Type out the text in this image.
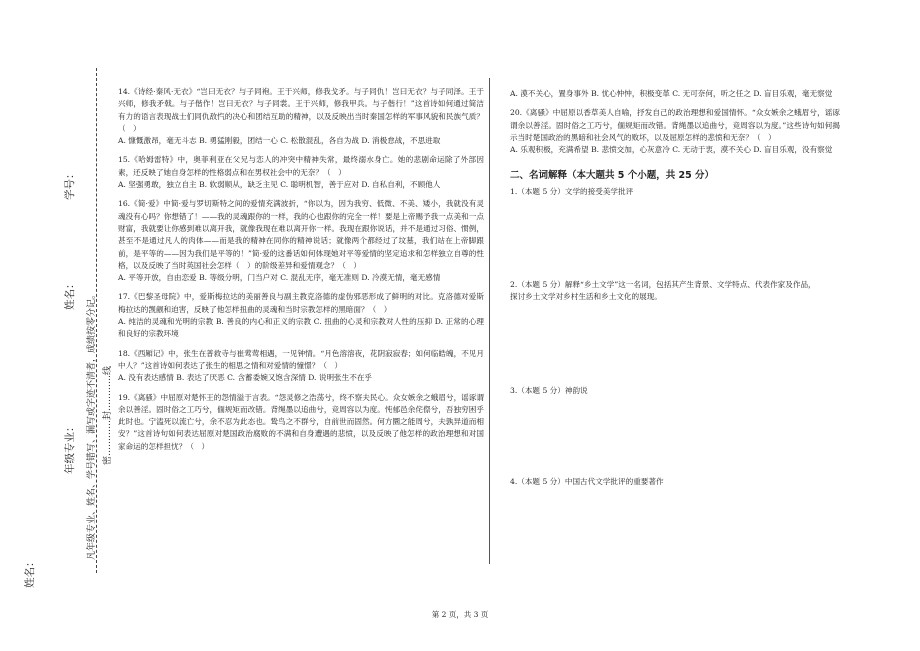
学号：
姓名：
年级专业：
姓名：
凡年级专业、姓名、学号错写、漏写或字迹不清者，成绩按零分记。 密…………封…………线

14.《诗经·秦风·无衣》“岂曰无衣？与子同袍。王于兴师，修我戈矛。与子同仇！岂曰无衣？与子同泽。王于兴师，修我矛戟。与子偕作！岂曰无衣？与子同裳。王于兴师，修我甲兵。与子偕行！”这首诗如何通过简洁有力的语言表现战士们同仇敌忾的决心和团结互助的精神，以及反映出当时秦国怎样的军事风貌和民族气质？（　）

A. 慷慨激昂，毫无斗志 B. 勇猛刚毅，团结一心 C. 松散混乱，各自为战 D. 消极怠战，不思进取

15.《哈姆雷特》中，奥菲利亚在父兄与恋人的冲突中精神失常，最终溺水身亡。她的悲剧命运除了外部因素，还反映了她自身怎样的性格弱点和在男权社会中的无奈？（　）

A. 坚强勇敢，独立自主 B. 软弱顺从，缺乏主见 C. 聪明机智，善于应对 D. 自私自利，不顾他人

16.《简·爱》中简·爱与罗切斯特之间的爱情充满波折，“你以为，因为我穷、低微、不美、矮小，我就没有灵魂没有心吗？你想错了！——我的灵魂跟你的一样，我的心也跟你的完全一样！要是上帝赐予我一点美和一点财富，我就要让你感到难以离开我，就像我现在难以离开你一样。我现在跟你说话，并不是通过习俗、惯例，甚至不是通过凡人的肉体——而是我的精神在同你的精神说话；就像两个都经过了坟墓，我们站在上帝脚跟前，是平等的——因为我们是平等的！”简·爱的这番话如何体现她对平等爱情的坚定追求和怎样独立自尊的性格，以及反映了当时英国社会怎样（　）的阶级差异和爱情观念？（　）

A. 平等开放，自由恋爱 B. 等级分明，门当户对 C. 混乱无序，毫无准则 D. 冷漠无情，毫无感情

17.《巴黎圣母院》中，爱斯梅拉达的美丽善良与副主教克洛德的虚伪邪恶形成了鲜明的对比。克洛德对爱斯梅拉达的觊觎和迫害，反映了他怎样扭曲的灵魂和当时宗教怎样的黑暗面？（　）

A. 纯洁的灵魂和光明的宗教 B. 善良的内心和正义的宗教 C. 扭曲的心灵和宗教对人性的压抑 D. 正常的心理和良好的宗教环境

18.《西厢记》中，张生在普救寺与崔莺莺相遇，一见钟情。“月色溶溶夜，花阴寂寂春；如何临皓魄，不见月中人？”这首诗如何表达了张生的相思之情和对爱情的憧憬？（　）

A. 没有表达感情 B. 表达了厌恶 C. 含蓄委婉又饱含深情 D. 说明张生不在乎

19.《离骚》中屈原对楚怀王的怨情溢于言表。“怨灵修之浩荡兮，终不察夫民心。众女嫉余之蛾眉兮，谣诼谓余以善淫。固时俗之工巧兮，偭规矩而改错。背绳墨以追曲兮，竞周容以为度。忳郁邑余侘傺兮，吾独穷困乎此时也。宁溘死以流亡兮，余不忍为此态也。鸷鸟之不群兮，自前世而固然。何方圜之能周兮，夫孰异道而相安？”这首诗句如何表达屈原对楚国政治腐败的不满和自身遭遇的悲愤，以及反映了他怎样的政治理想和对国家命运的怎样担忧？（　）

A. 漠不关心，置身事外 B. 忧心忡忡，积极变革 C. 无可奈何，听之任之 D. 盲目乐观，毫无察觉

20.《离骚》中屈原以香草美人自喻，抒发自己的政治理想和爱国情怀。“众女嫉余之蛾眉兮，谣诼谓余以善淫。固时俗之工巧兮，偭规矩而改错。背绳墨以追曲兮，竞周容以为度。”这些诗句如何揭示当时楚国政治的黑暗和社会风气的败坏，以及屈原怎样的悲愤和无奈？（　）

A. 乐观积极，充满希望 B. 悲愤交加，心灰意冷 C. 无动于衷，漠不关心 D. 盲目乐观，没有察觉

二、名词解释（本大题共 5 个小题，共 25 分）
1.（本题 5 分）文学的接受美学批评

2.（本题 5 分）解释“乡土文学”这一名词，包括其产生背景、文学特点、代表作家及作品，

探讨乡土文学对乡村生活和乡土文化的展现。

3.（本题 5 分）神韵说
4.（本题 5 分）中国古代文学批评的重要著作
第 2 页，共 3 页
